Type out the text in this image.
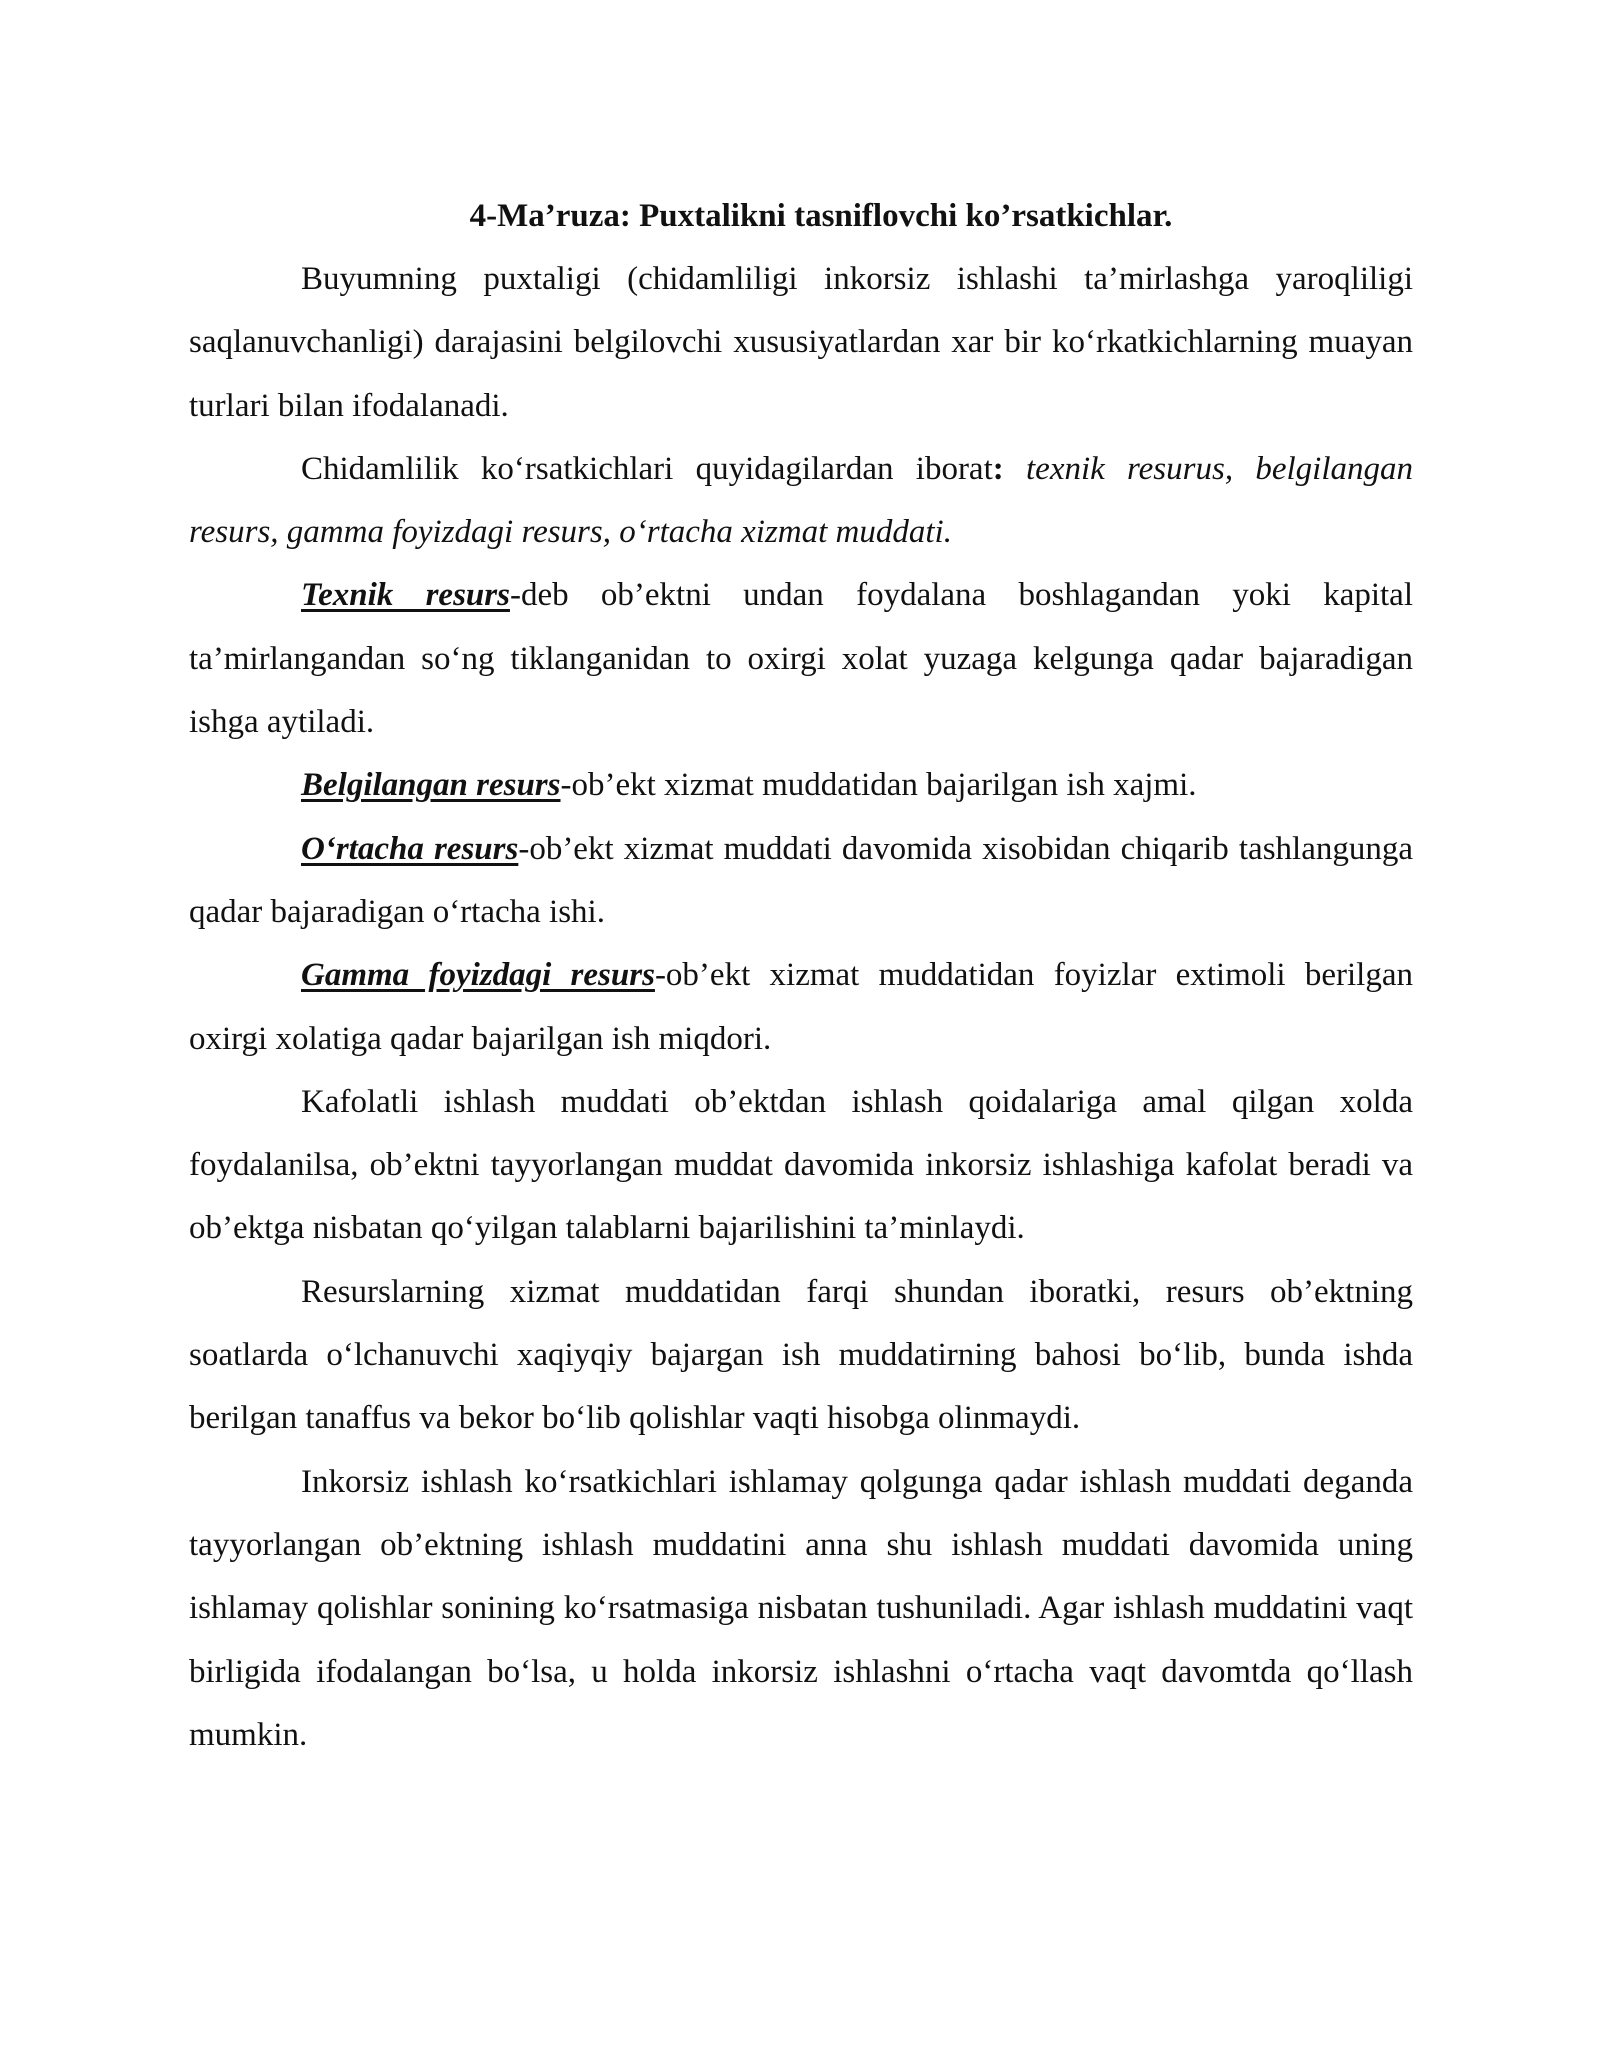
4-Ma’ruza: Puxtalikni tasniflovchi ko’rsatkichlar.

Buyumning puxtaligi (chidamliligi inkorsiz ishlashi ta’mirlashga yaroqliligi saqlanuvchanligi) darajasini belgilovchi xususiyatlardan xar bir ko‘rkatkichlarning muayan turlari bilan ifodalanadi.

Chidamlilik ko‘rsatkichlari quyidagilardan iborat: texnik resurus, belgilangan resurs, gamma foyizdagi resurs, o‘rtacha xizmat muddati.

Texnik resurs-deb ob’ektni undan foydalana boshlagandan yoki kapital ta’mirlangandan so‘ng tiklanganidan to oxirgi xolat yuzaga kelgunga qadar bajaradigan ishga aytiladi.

Belgilangan resurs-ob’ekt xizmat muddatidan bajarilgan ish xajmi.

O‘rtacha resurs-ob’ekt xizmat muddati davomida xisobidan chiqarib tashlangunga qadar bajaradigan o‘rtacha ishi.

Gamma foyizdagi resurs-ob’ekt xizmat muddatidan foyizlar extimoli berilgan oxirgi xolatiga qadar bajarilgan ish miqdori.

Kafolatli ishlash muddati ob’ektdan ishlash qoidalariga amal qilgan xolda foydalanilsa, ob’ektni tayyorlangan muddat davomida inkorsiz ishlashiga kafolat beradi va ob’ektga nisbatan qo‘yilgan talablarni bajarilishini ta’minlaydi.

Resurslarning xizmat muddatidan farqi shundan iboratki, resurs ob’ektning soatlarda o‘lchanuvchi xaqiyqiy bajargan ish muddatirning bahosi bo‘lib, bunda ishda berilgan tanaffus va bekor bo‘lib qolishlar vaqti hisobga olinmaydi.

Inkorsiz ishlash ko‘rsatkichlari ishlamay qolgunga qadar ishlash muddati deganda tayyorlangan ob’ektning ishlash muddatini anna shu ishlash muddati davomida uning ishlamay qolishlar sonining ko‘rsatmasiga nisbatan tushuniladi. Agar ishlash muddatini vaqt birligida ifodalangan bo‘lsa, u holda inkorsiz ishlashni o‘rtacha vaqt davomtda qo‘llash mumkin.
